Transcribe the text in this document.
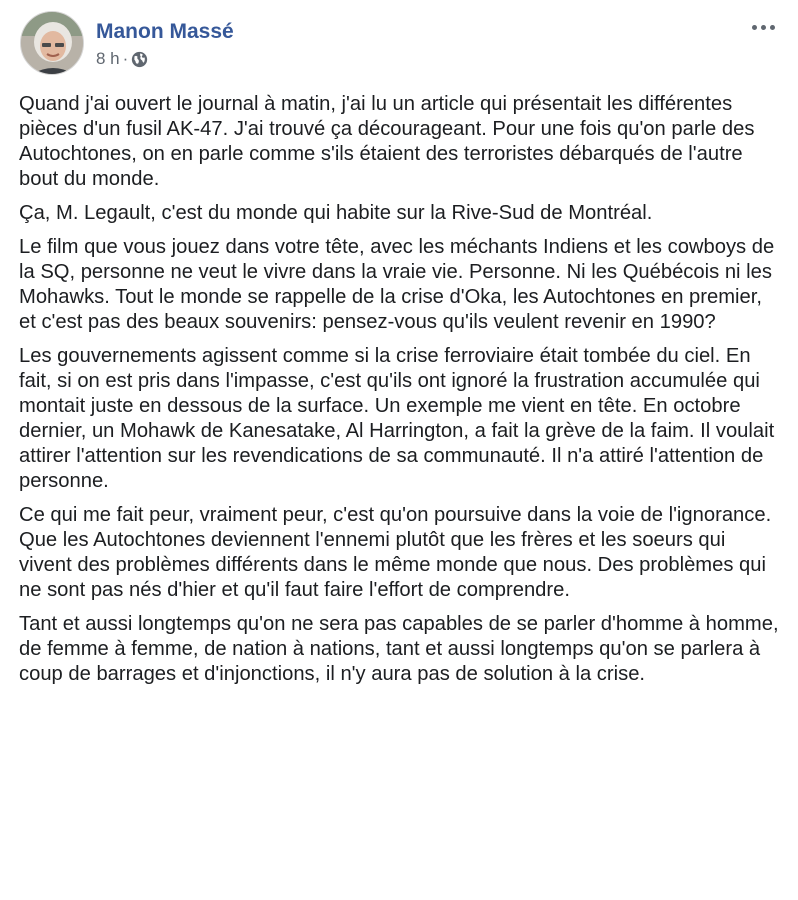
Manon Massé
8 h ·

Quand j'ai ouvert le journal à matin, j'ai lu un article qui présentait les différentes pièces d'un fusil AK-47. J'ai trouvé ça décourageant. Pour une fois qu'on parle des Autochtones, on en parle comme s'ils étaient des terroristes débarqués de l'autre bout du monde.

Ça, M. Legault, c'est du monde qui habite sur la Rive-Sud de Montréal.

Le film que vous jouez dans votre tête, avec les méchants Indiens et les cowboys de la SQ, personne ne veut le vivre dans la vraie vie. Personne. Ni les Québécois ni les Mohawks. Tout le monde se rappelle de la crise d'Oka, les Autochtones en premier, et c'est pas des beaux souvenirs: pensez-vous qu'ils veulent revenir en 1990?

Les gouvernements agissent comme si la crise ferroviaire était tombée du ciel. En fait, si on est pris dans l'impasse, c'est qu'ils ont ignoré la frustration accumulée qui montait juste en dessous de la surface. Un exemple me vient en tête. En octobre dernier, un Mohawk de Kanesatake, Al Harrington, a fait la grève de la faim. Il voulait attirer l'attention sur les revendications de sa communauté. Il n'a attiré l'attention de personne.

Ce qui me fait peur, vraiment peur, c'est qu'on poursuive dans la voie de l'ignorance. Que les Autochtones deviennent l'ennemi plutôt que les frères et les soeurs qui vivent des problèmes différents dans le même monde que nous. Des problèmes qui ne sont pas nés d'hier et qu'il faut faire l'effort de comprendre.

Tant et aussi longtemps qu'on ne sera pas capables de se parler d'homme à homme, de femme à femme, de nation à nations, tant et aussi longtemps qu'on se parlera à coup de barrages et d'injonctions, il n'y aura pas de solution à la crise.
